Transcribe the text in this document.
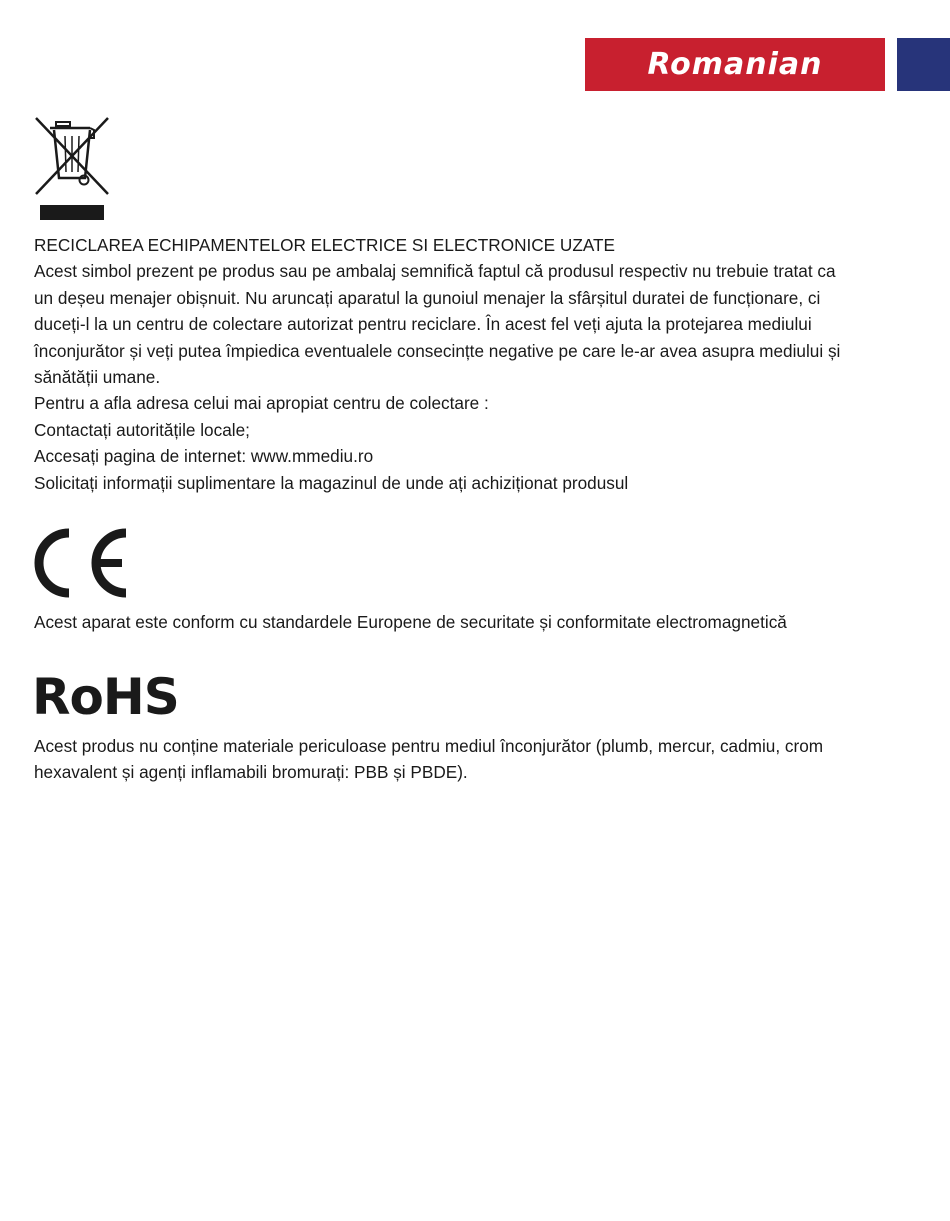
Romanian

RECICLAREA ECHIPAMENTELOR ELECTRICE SI ELECTRONICE UZATE

Acest simbol prezent pe produs sau pe ambalaj semnifică faptul că produsul respectiv nu trebuie tratat ca

un deșeu menajer obișnuit. Nu aruncați aparatul la gunoiul menajer la sfârșitul duratei de funcționare, ci

duceți-l la un centru de colectare autorizat pentru reciclare. În acest fel veți ajuta la protejarea mediului

înconjurător și veți putea împiedica eventualele consecințte negative pe care le-ar avea asupra mediului și

sănătății umane.

Pentru a afla adresa celui mai apropiat centru de colectare :

Contactați autoritățile locale;

Accesați pagina de internet: www.mmediu.ro

Solicitați informații suplimentare la magazinul de unde ați achiziționat produsul

Acest aparat este conform cu standardele Europene de securitate și conformitate electromagnetică

RoHS

Acest produs nu conține materiale periculoase pentru mediul înconjurător (plumb, mercur, cadmiu, crom

hexavalent și agenți inflamabili bromurați: PBB și PBDE).
